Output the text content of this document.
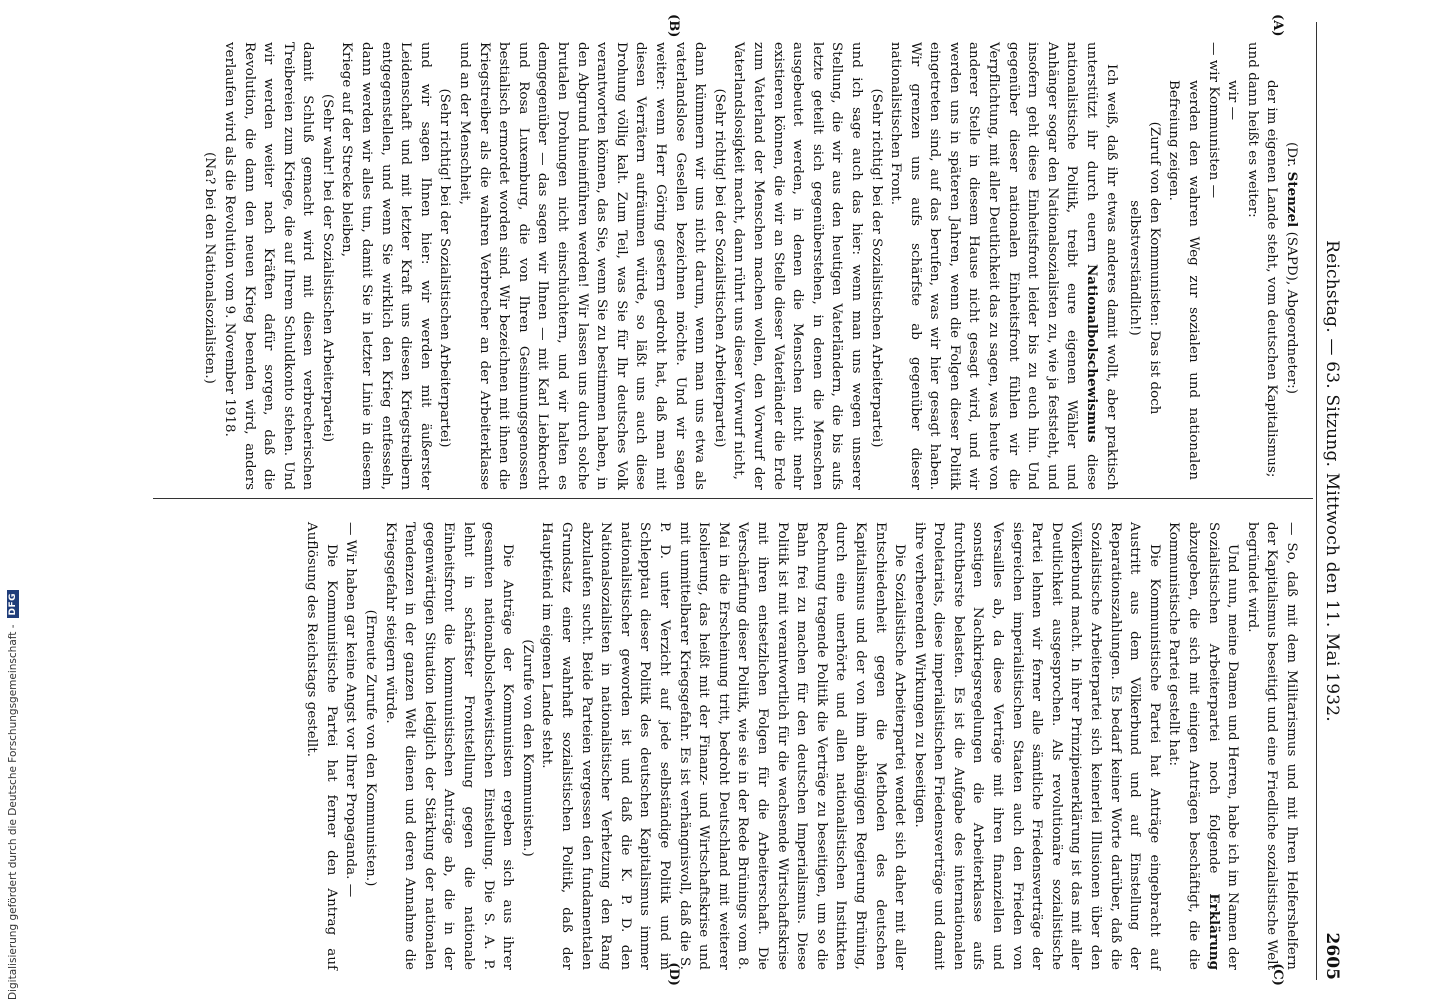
Reichstag. — 63. Sitzung. Mittwoch den 11. Mai 1932.
2605
(A)
(B)
(C)
(D)

(Dr. Stenzel (SAPD), Abgeordneter:)

der im eigenen Lande steht, vom deutschen Kapitalismus;

und dann heißt es weiter:

wir —

— wir Kommunisten —

werden den wahren Weg zur sozialen und nationalen Befreiung zeigen.

(Zuruf von den Kommunisten: Das ist doch selbstverständlich!)

Ich weiß, daß ihr etwas anderes damit wollt, aber praktisch unterstützt ihr durch euern Nationalbolschewismus diese nationalistische Politik, treibt eure eigenen Wähler und Anhänger sogar den Nationalsozialisten zu, wie ja feststeht, und insofern geht diese Einheitsfront leider bis zu euch hin. Und gegenüber dieser nationalen Einheitsfront fühlen wir die Verpflichtung, mit aller Deutlichkeit das zu sagen, was heute von anderer Stelle in diesem Hause nicht gesagt wird, und wir werden uns in späteren Jahren, wenn die Folgen dieser Politik eingetreten sind, auf das berufen, was wir hier gesagt haben. Wir grenzen uns aufs schärfste ab gegenüber dieser nationalistischen Front.

(Sehr richtig! bei der Sozialistischen Arbeiterpartei)

und ich sage auch das hier: wenn man uns wegen unserer Stellung, die wir aus den heutigen Vaterländern, die bis aufs letzte geteilt sich gegenüberstehen, in denen die Menschen ausgebeutet werden, in denen die Menschen nicht mehr existieren können, die wir an Stelle dieser Vaterländer die Erde zum Vaterland der Menschen machen wollen, den Vorwurf der Vaterlandslosigkeit macht, dann rührt uns dieser Vorwurf nicht,

(Sehr richtig! bei der Sozialistischen Arbeiterpartei)

dann kümmern wir uns nicht darum, wenn man uns etwa als vaterlandslose Gesellen bezeichnen möchte. Und wir sagen weiter: wenn Herr Göring gestern gedroht hat, daß man mit diesen Verrätern aufräumen würde, so läßt uns auch diese Drohung völlig kalt. Zum Teil, was Sie für Ihr deutsches Volk verantworten können, das Sie, wenn Sie zu bestimmen haben, in den Abgrund hineinführen werden! Wir lassen uns durch solche brutalen Drohungen nicht einschüchtern, und wir halten es demgegenüber — das sagen wir Ihnen — mit Karl Liebknecht und Rosa Luxemburg, die von Ihren Gesinnungsgenossen bestialisch ermordet worden sind. Wir bezeichnen mit ihnen die Kriegstreiber als die wahren Verbrecher an der Arbeiterklasse und an der Menschheit,

(Sehr richtig! bei der Sozialistischen Arbeiterpartei)

und wir sagen Ihnen hier: wir werden mit äußerster Leidenschaft und mit letzter Kraft uns diesen Kriegstreibern entgegenstellen, und wenn Sie wirklich den Krieg entfesseln, dann werden wir alles tun, damit Sie in letzter Linie in diesem Kriege auf der Strecke bleiben,

(Sehr wahr! bei der Sozialistischen Arbeiterpartei)

damit Schluß gemacht wird mit diesen verbrecherischen Treibereien zum Kriege, die auf Ihrem Schuldkonto stehen. Und wir werden weiter nach Kräften dafür sorgen, daß die Revolution, die dann den neuen Krieg beenden wird, anders verlaufen wird als die Revolution vom 9. November 1918.

(Na? bei den Nationalsozialisten.)

— So, daß mit dem Militarismus und mit Ihren Helfershelfern der Kapitalismus beseitigt und eine Friedliche sozialistische Welt begründet wird.

Und nun, meine Damen und Herren, habe ich im Namen der Sozialistischen Arbeiterpartei noch folgende Erklärung abzugeben, die sich mit einigen Anträgen beschäftigt, die die Kommunistische Partei gestellt hat:

Die Kommunistische Partei hat Anträge eingebracht auf Austritt aus dem Völkerbund und auf Einstellung der Reparationszahlungen. Es bedarf keiner Worte darüber, daß die Sozialistische Arbeiterpartei sich keinerlei Illusionen über den Völkerbund macht. In ihrer Prinzipienerklärung ist das mit aller Deutlichkeit ausgesprochen. Als revolutionäre sozialistische Partei lehnen wir ferner alle sämtliche Friedensverträge der siegreichen imperialistischen Staaten auch den Frieden von Versailles ab, da diese Verträge mit ihren finanziellen und sonstigen Nachkriegsregelungen die Arbeiterklasse aufs furchtbarste belasten. Es ist die Aufgabe des internationalen Proletariats, diese imperialistischen Friedensverträge und damit ihre verheerenden Wirkungen zu beseitigen.

Die Sozialistische Arbeiterpartei wendet sich daher mit aller Entschiedenheit gegen die Methoden des deutschen Kapitalismus und der von ihm abhängigen Regierung Brüning, durch eine unerhörte und allen nationalistischen Instinkten Rechnung tragende Politik die Verträge zu beseitigen, um so die Bahn frei zu machen für den deutschen Imperialismus. Diese Politik ist mit verantwortlich für die wachsende Wirtschaftskrise mit ihren entsetzlichen Folgen für die Arbeiterschaft. Die Verschärfung dieser Politik, wie sie in der Rede Brünings vom 8. Mai in die Erscheinung tritt, bedroht Deutschland mit weiterer Isolierung, das heißt mit der Finanz- und Wirtschaftskrise und mit unmittelbarer Kriegsgefahr. Es ist verhängnisvoll, daß die S. P. D. unter Verzicht auf jede selbständige Politik und im Schlepptau dieser Politik des deutschen Kapitalismus immer nationalistischer geworden ist und daß die K. P. D. den Nationalsozialisten in nationalistischer Verhetzung den Rang abzulaufen sucht. Beide Parteien vergessen den fundamentalen Grundsatz einer wahrhaft sozialistischen Politik, daß der Hauptfeind im eigenen Lande steht.

(Zurufe von den Kommunisten.)

Die Anträge der Kommunisten ergeben sich aus ihrer gesamten nationalbolschewistischen Einstellung. Die S. A. P. lehnt in schärfster Frontstellung gegen die nationale Einheitsfront die kommunistischen Anträge ab, die in der gegenwärtigen Situation lediglich der Stärkung der nationalen Tendenzen in der ganzen Welt dienen und deren Annahme die Kriegsgefahr steigern würde.

(Erneute Zurufe von den Kommunisten.)

— Wir haben gar keine Angst vor Ihrer Propaganda. —

Die Kommunistische Partei hat ferner den Antrag auf Auflösung des Reichstags gestellt.

Digitalisierung gefördert durch die Deutsche Forschungsgemeinschaft -
DFG
